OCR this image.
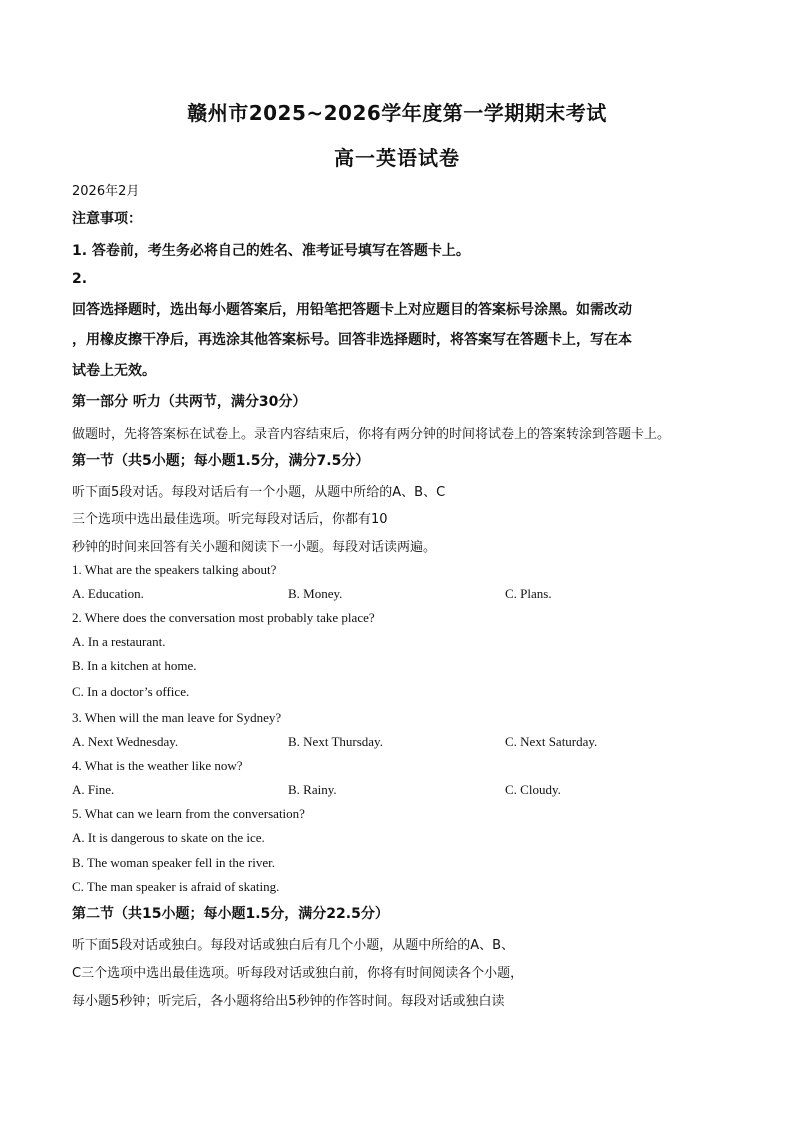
赣州市2025~2026学年度第一学期期末考试
高一英语试卷
2026年2月
注意事项：
1. 答卷前，考生务必将自己的姓名、准考证号填写在答题卡上。
2.
回答选择题时，选出每小题答案后，用铅笔把答题卡上对应题目的答案标号涂黑。如需改动
，用橡皮擦干净后，再选涂其他答案标号。回答非选择题时，将答案写在答题卡上，写在本
试卷上无效。
第一部分 听力（共两节，满分30分）
做题时，先将答案标在试卷上。录音内容结束后，你将有两分钟的时间将试卷上的答案转涂到答题卡上。
第一节（共5小题；每小题1.5分，满分7.5分）
听下面5段对话。每段对话后有一个小题，从题中所给的A、B、C
三个选项中选出最佳选项。听完每段对话后，你都有10
秒钟的时间来回答有关小题和阅读下一小题。每段对话读两遍。
1. What are the speakers talking about?
A. Education.	B. Money.	C. Plans.
2. Where does the conversation most probably take place?
A. In a restaurant.
B. In a kitchen at home.
C. In a doctor’s office.
3. When will the man leave for Sydney?
A. Next Wednesday.	B. Next Thursday.	C. Next Saturday.
4. What is the weather like now?
A. Fine.	B. Rainy.	C. Cloudy.
5. What can we learn from the conversation?
A. It is dangerous to skate on the ice.
B. The woman speaker fell in the river.
C. The man speaker is afraid of skating.
第二节（共15小题；每小题1.5分，满分22.5分）
听下面5段对话或独白。每段对话或独白后有几个小题，从题中所给的A、B、
C三个选项中选出最佳选项。听每段对话或独白前，你将有时间阅读各个小题，
每小题5秒钟；听完后，各小题将给出5秒钟的作答时间。每段对话或独白读
